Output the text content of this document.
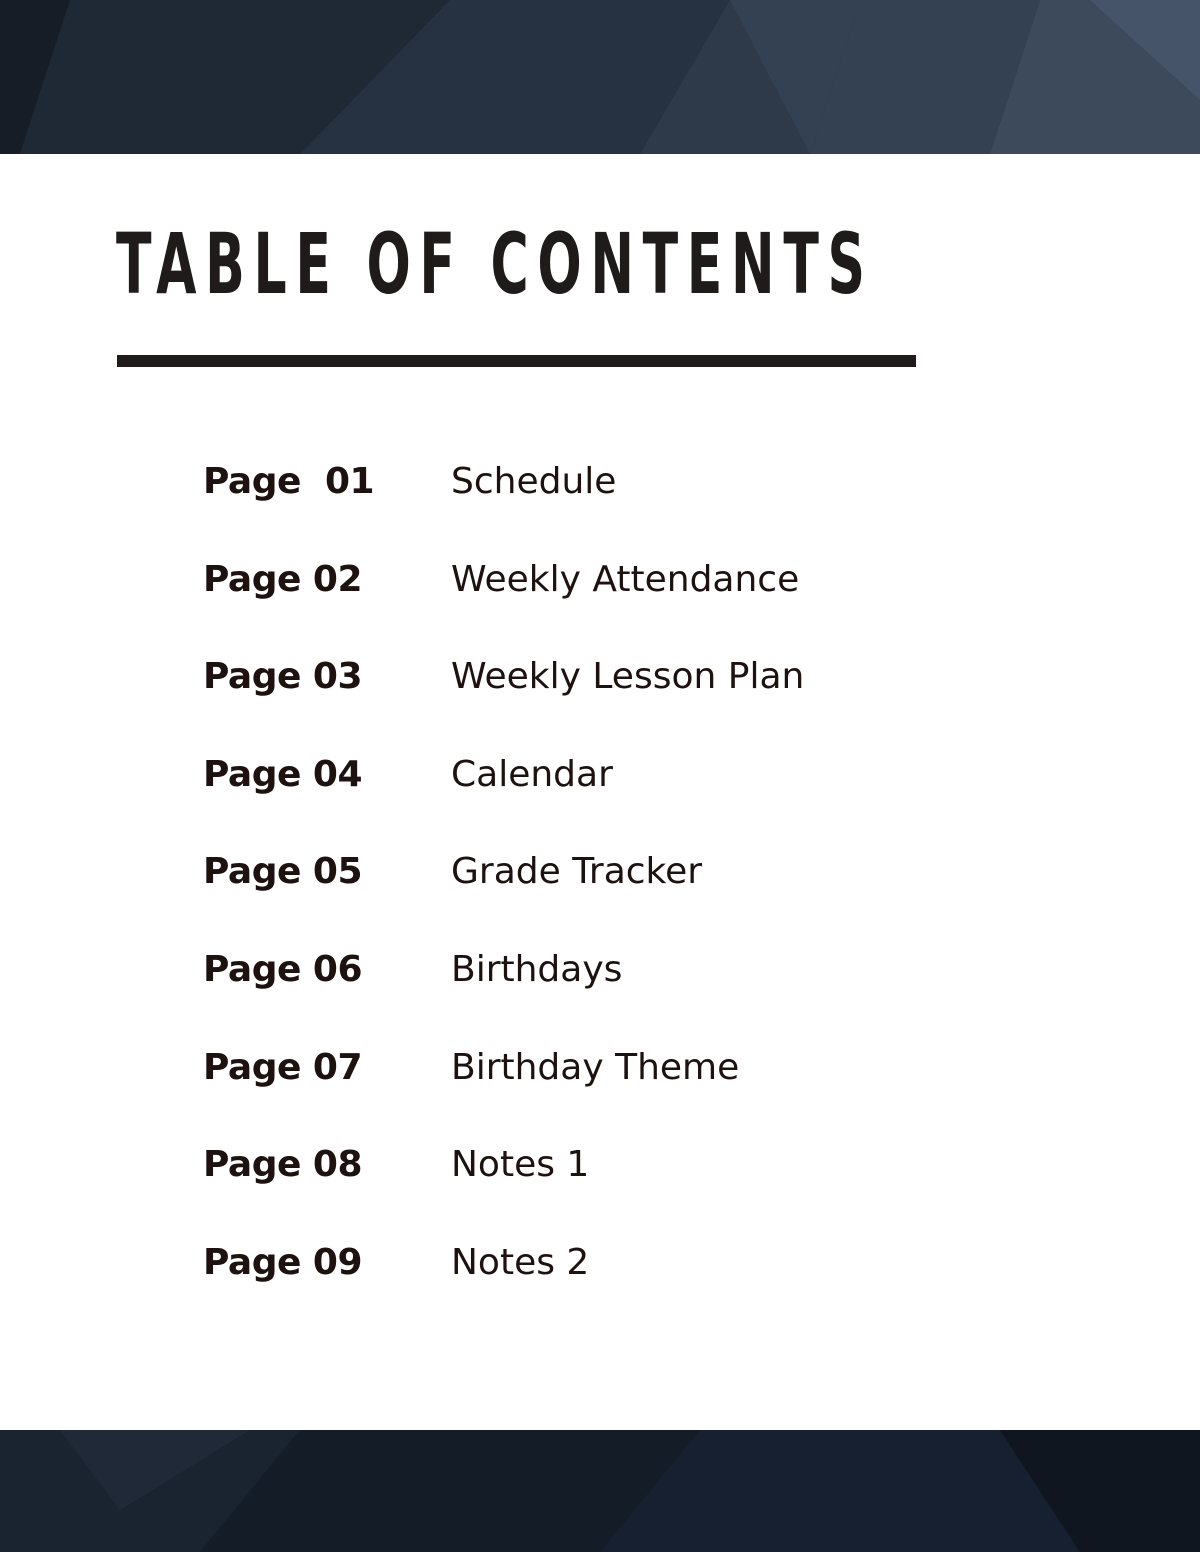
TABLE OF CONTENTS
Page  01	Schedule
Page 02	Weekly Attendance
Page 03	Weekly Lesson Plan
Page 04	Calendar
Page 05	Grade Tracker
Page 06	Birthdays
Page 07	Birthday Theme
Page 08	Notes 1
Page 09	Notes 2
